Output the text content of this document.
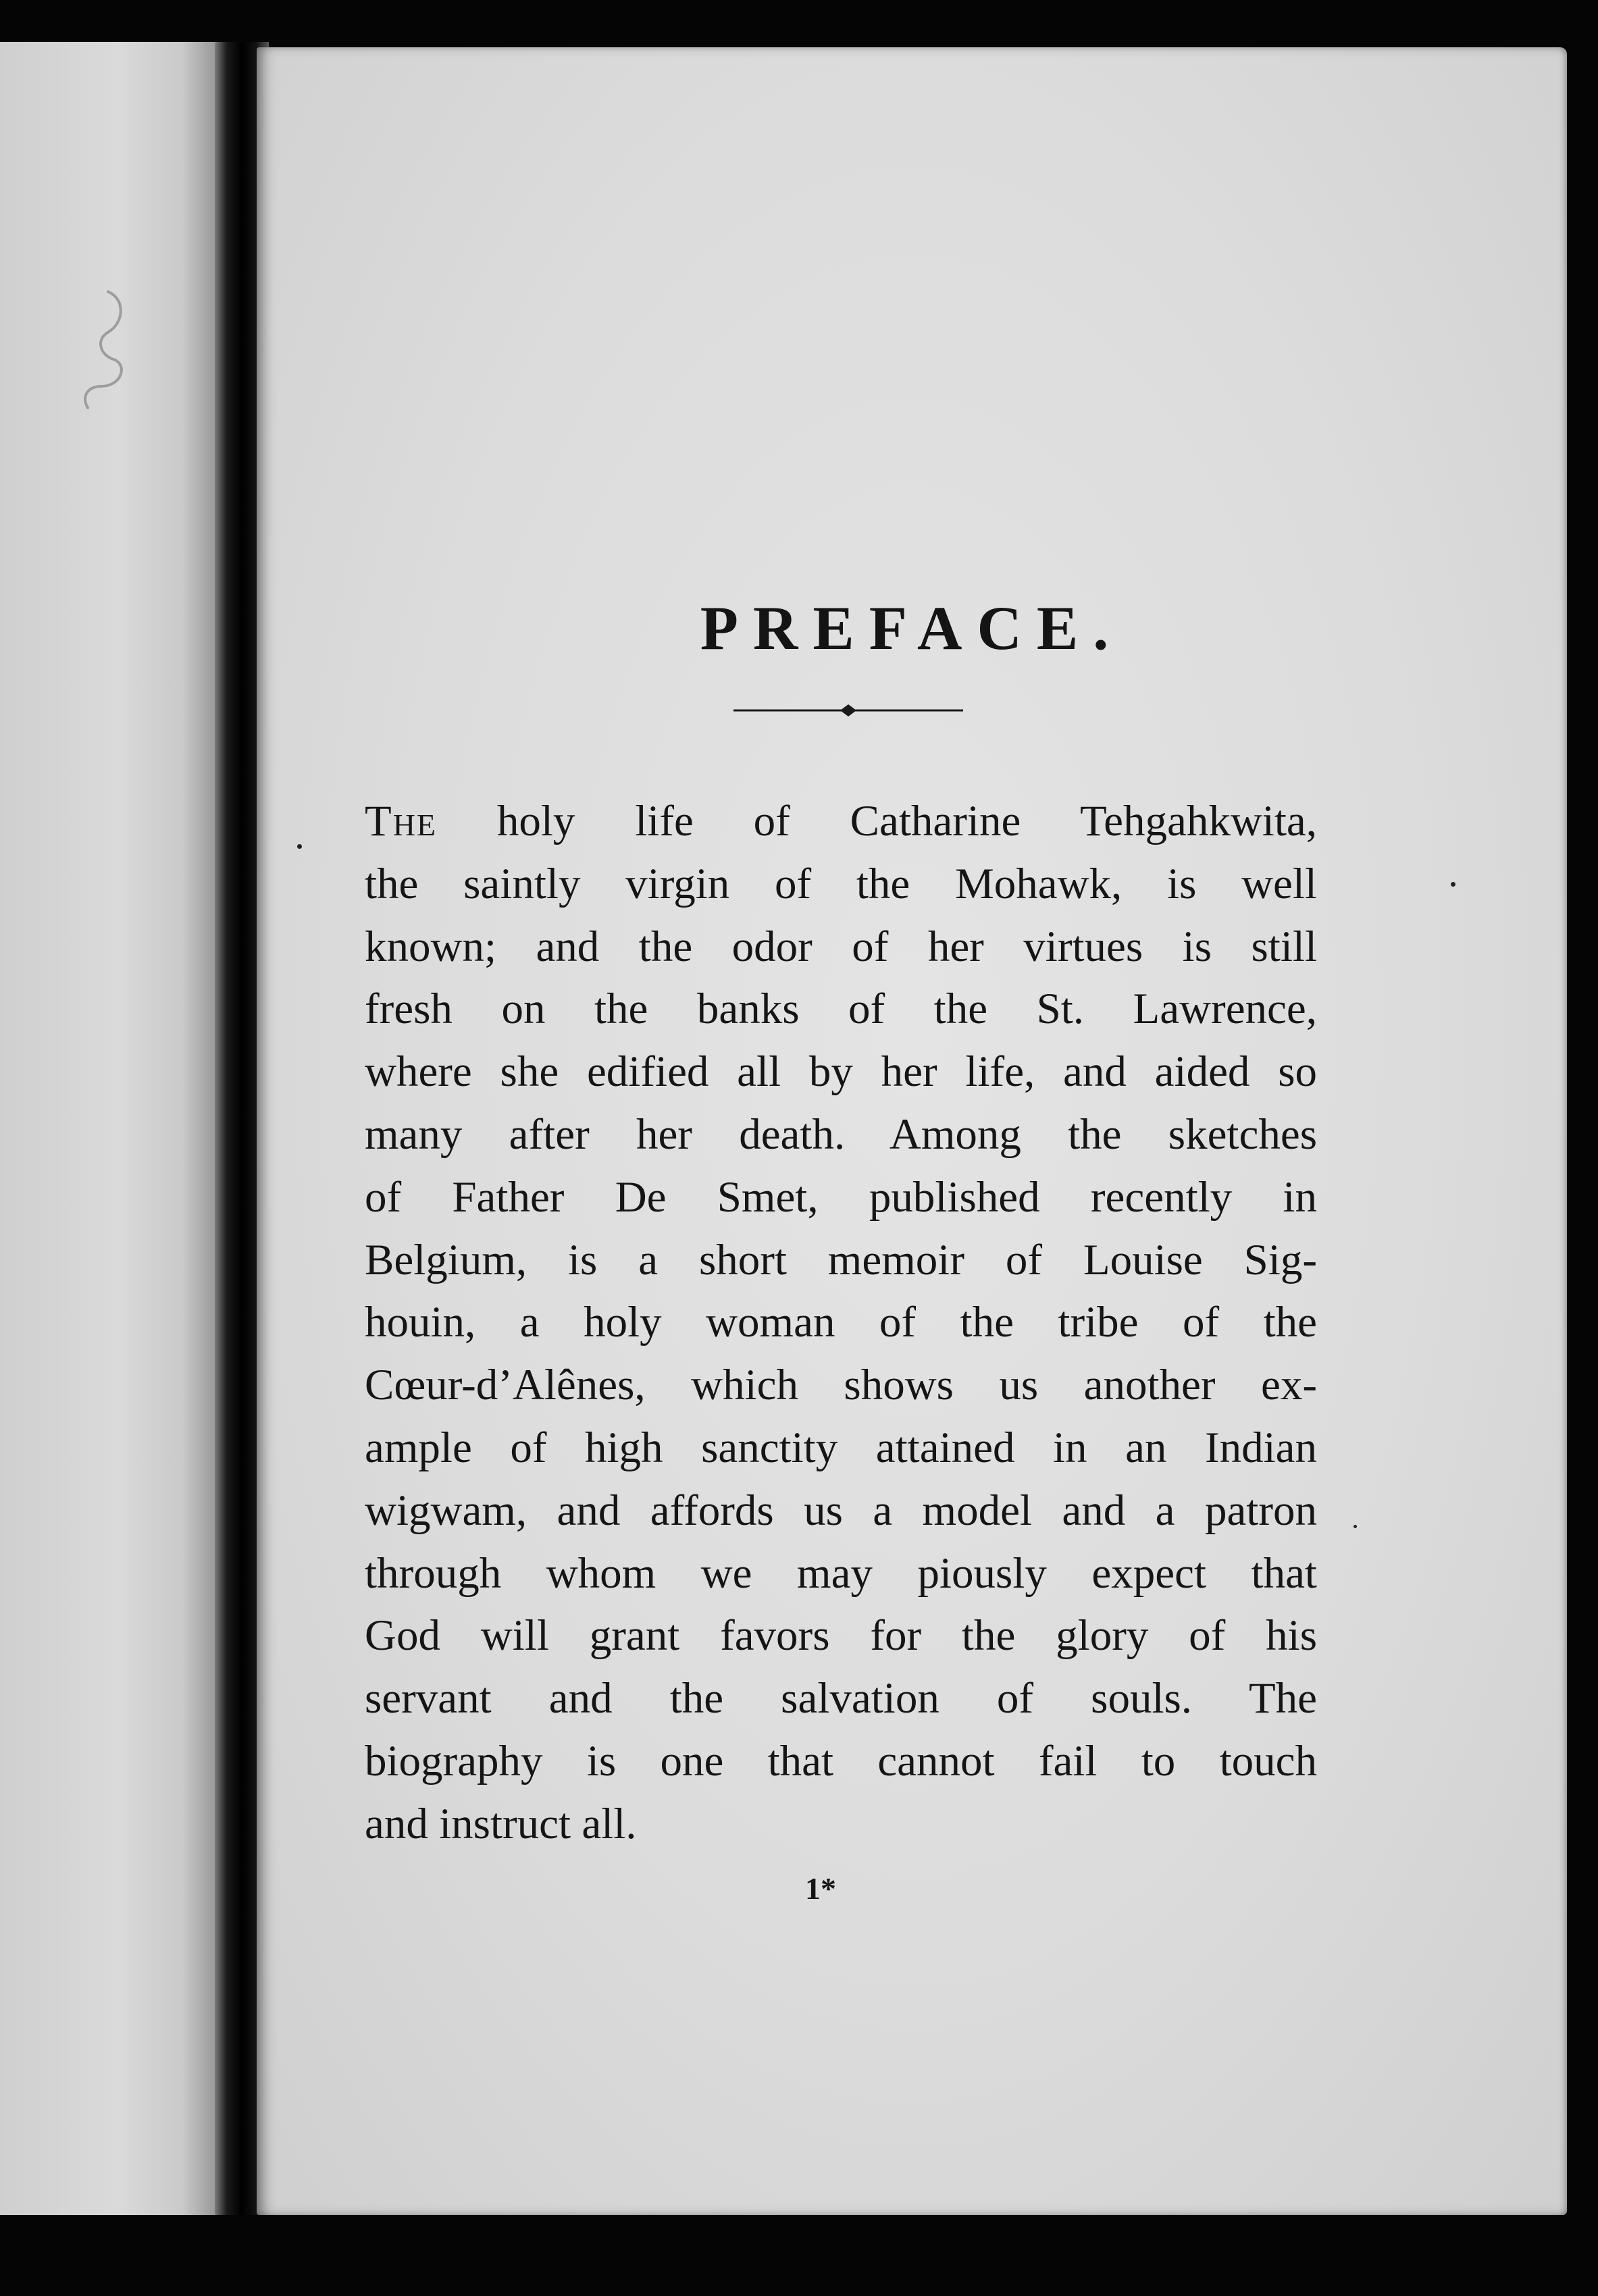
PREFACE.

The holy life of Catharine Tehgahkwita,
the saintly virgin of the Mohawk, is well
known; and the odor of her virtues is still
fresh on the banks of the St. Lawrence,
where she edified all by her life, and aided so
many after her death. Among the sketches
of Father De Smet, published recently in
Belgium, is a short memoir of Louise Sig-
houin, a holy woman of the tribe of the
Cœur-d’Alênes, which shows us another ex-
ample of high sanctity attained in an Indian
wigwam, and affords us a model and a patron
through whom we may piously expect that
God will grant favors for the glory of his
servant and the salvation of souls. The
biography is one that cannot fail to touch
and instruct all.

1*
